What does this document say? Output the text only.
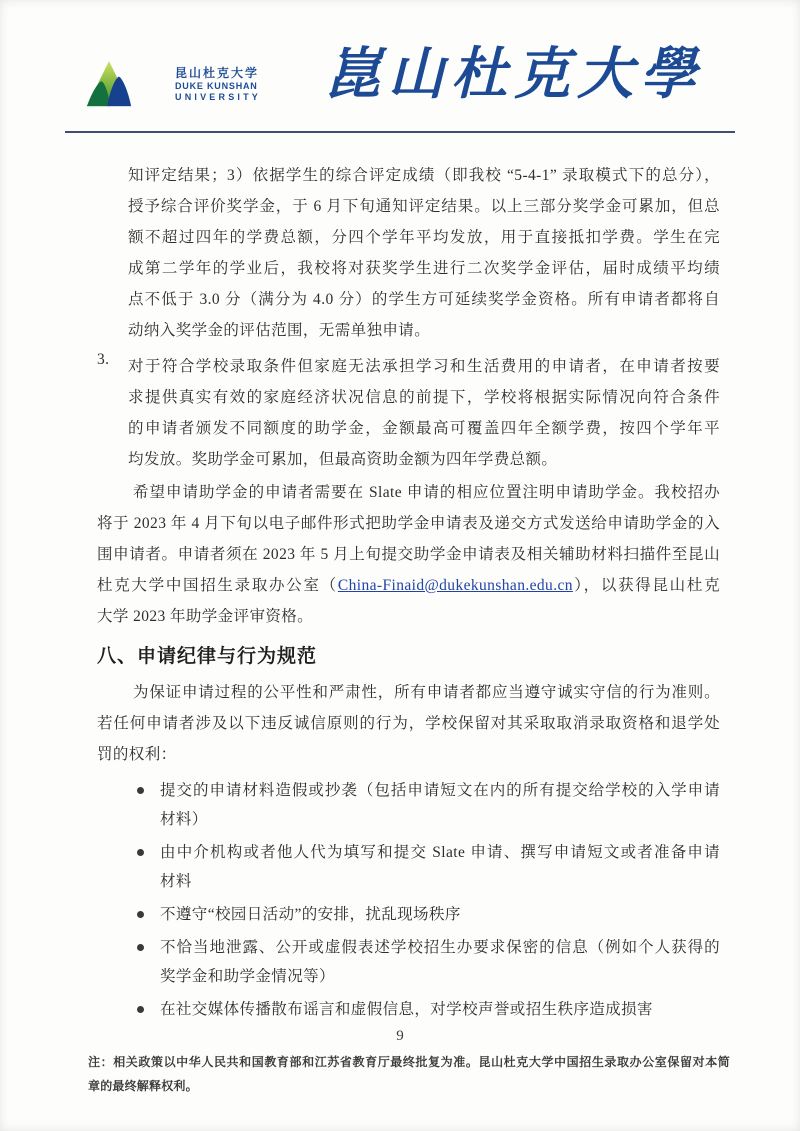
昆山杜克大学
DUKE KUNSHAN
UNIVERSITY	崑山杜克大學
知评定结果；3）依据学生的综合评定成绩（即我校 “5-4-1” 录取模式下的总分），
授予综合评价奖学金，于 6 月下旬通知评定结果。以上三部分奖学金可累加，但总
额不超过四年的学费总额，分四个学年平均发放，用于直接抵扣学费。学生在完
成第二学年的学业后，我校将对获奖学生进行二次奖学金评估，届时成绩平均绩
点不低于 3.0 分（满分为 4.0 分）的学生方可延续奖学金资格。所有申请者都将自
动纳入奖学金的评估范围，无需单独申请。
3.	对于符合学校录取条件但家庭无法承担学习和生活费用的申请者，在申请者按要
求提供真实有效的家庭经济状况信息的前提下，学校将根据实际情况向符合条件
的申请者颁发不同额度的助学金，金额最高可覆盖四年全额学费，按四个学年平
均发放。奖助学金可累加，但最高资助金额为四年学费总额。
希望申请助学金的申请者需要在 Slate 申请的相应位置注明申请助学金。我校招办
将于 2023 年 4 月下旬以电子邮件形式把助学金申请表及递交方式发送给申请助学金的入
围申请者。申请者须在 2023 年 5 月上旬提交助学金申请表及相关辅助材料扫描件至昆山
杜克大学中国招生录取办公室（China-Finaid@dukekunshan.edu.cn），以获得昆山杜克
大学 2023 年助学金评审资格。
八、申请纪律与行为规范
为保证申请过程的公平性和严肃性，所有申请者都应当遵守诚实守信的行为准则。
若任何申请者涉及以下违反诚信原则的行为，学校保留对其采取取消录取资格和退学处
罚的权利：
提交的申请材料造假或抄袭（包括申请短文在内的所有提交给学校的入学申请
材料）
由中介机构或者他人代为填写和提交 Slate 申请、撰写申请短文或者准备申请
材料
不遵守“校园日活动”的安排，扰乱现场秩序
不恰当地泄露、公开或虚假表述学校招生办要求保密的信息（例如个人获得的
奖学金和助学金情况等）
在社交媒体传播散布谣言和虚假信息，对学校声誉或招生秩序造成损害
9
注：相关政策以中华人民共和国教育部和江苏省教育厅最终批复为准。昆山杜克大学中国招生录取办公室保留对本简
章的最终解释权利。
